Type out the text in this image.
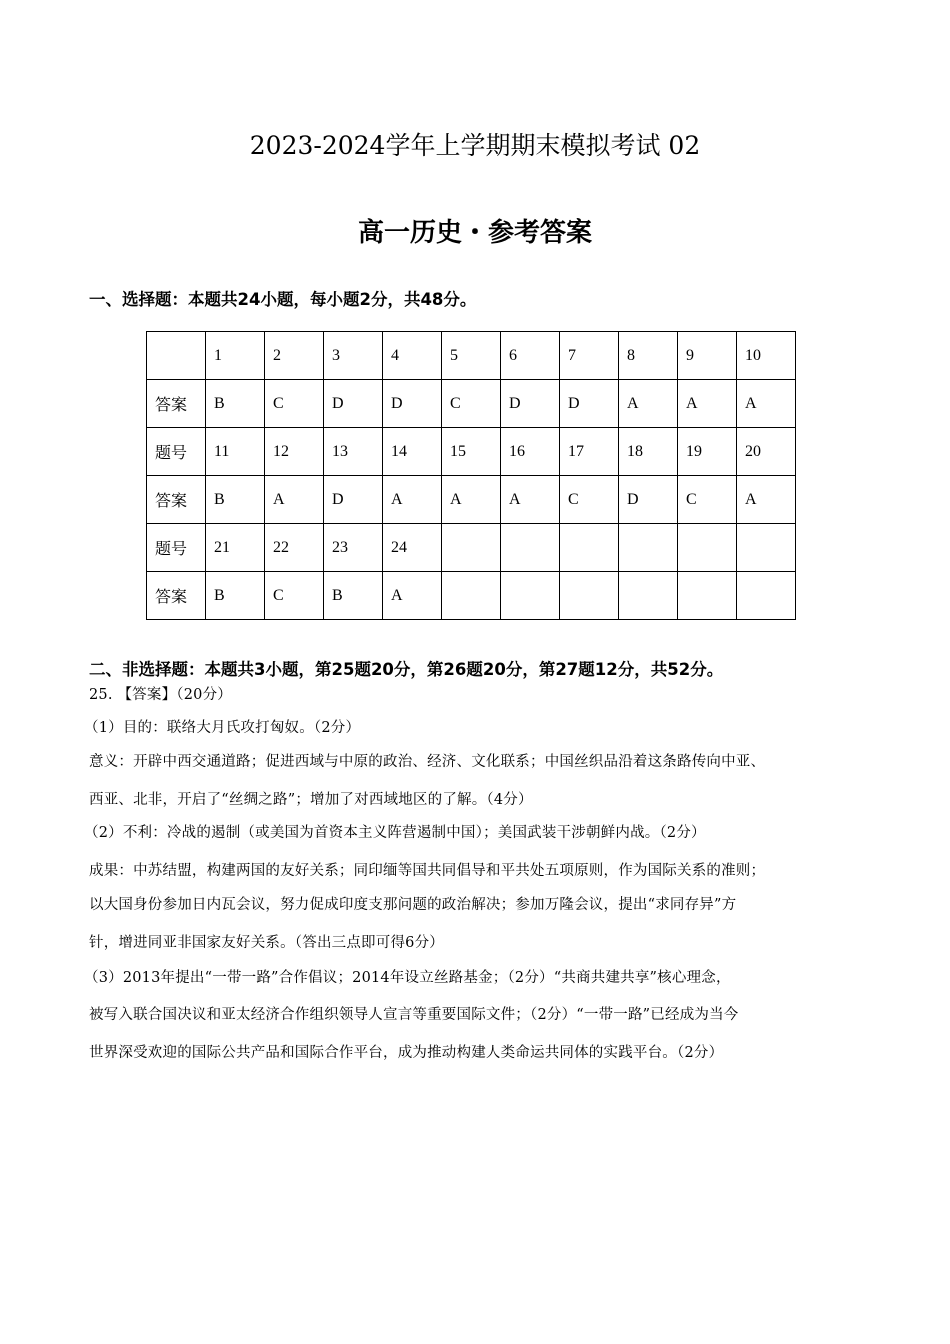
2023-2024学年上学期期末模拟考试 02
高一历史・参考答案
一、选择题：本题共24小题，每小题2分，共48分。
	1	2	3	4	5	6	7	8	9	10
答案	B	C	D	D	C	D	D	A	A	A
题号	11	12	13	14	15	16	17	18	19	20
答案	B	A	D	A	A	A	C	D	C	A
题号	21	22	23	24						
答案	B	C	B	A						
二、非选择题：本题共3小题，第25题20分，第26题20分，第27题12分，共52分。
25. 【答案】（20分）
（1）目的：联络大月氏攻打匈奴。（2分）
意义：开辟中西交通道路；促进西域与中原的政治、经济、文化联系；中国丝织品沿着这条路传向中亚、
西亚、北非，开启了“丝绸之路”；增加了对西域地区的了解。（4分）
（2）不利：冷战的遏制（或美国为首资本主义阵营遏制中国）；美国武装干涉朝鲜内战。（2分）
成果：中苏结盟，构建两国的友好关系；同印缅等国共同倡导和平共处五项原则，作为国际关系的准则；
以大国身份参加日内瓦会议，努力促成印度支那问题的政治解决；参加万隆会议，提出“求同存异”方
针，增进同亚非国家友好关系。（答出三点即可得6分）
（3）2013年提出“一带一路”合作倡议；2014年设立丝路基金；（2分）“共商共建共享”核心理念，
被写入联合国决议和亚太经济合作组织领导人宣言等重要国际文件；（2分）“一带一路”已经成为当今
世界深受欢迎的国际公共产品和国际合作平台，成为推动构建人类命运共同体的实践平台。（2分）
